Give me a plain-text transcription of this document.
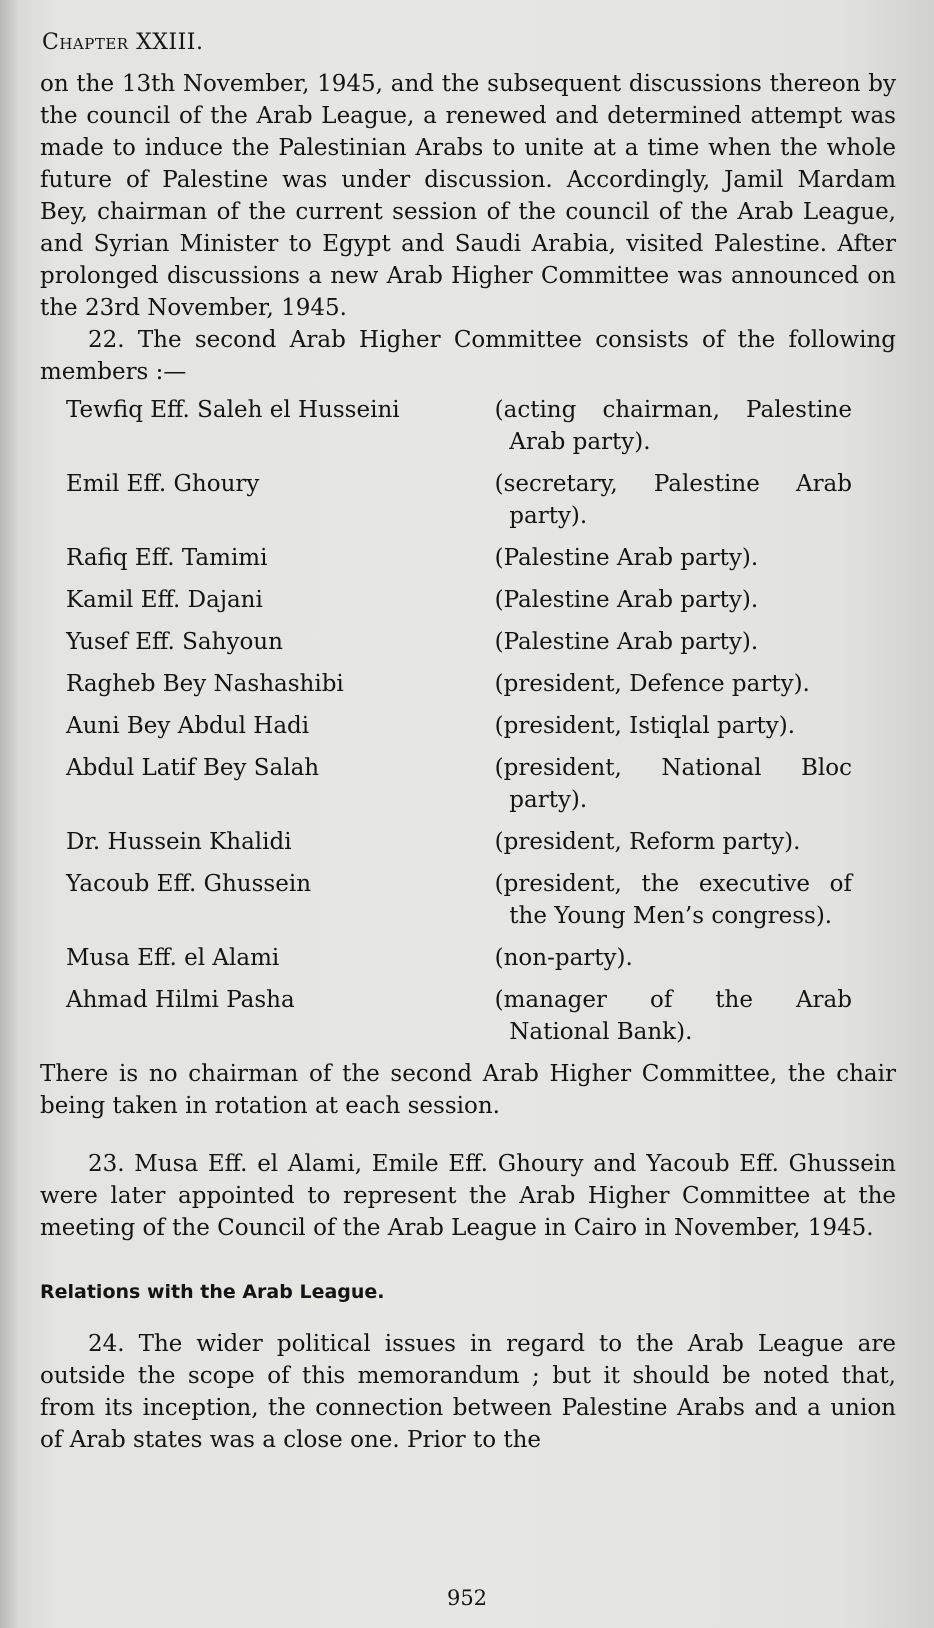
Chapter XXIII.

on the 13th November, 1945, and the subsequent discussions thereon by the council of the Arab League, a renewed and determined attempt was made to induce the Palestinian Arabs to unite at a time when the whole future of Palestine was under discussion. Accordingly, Jamil Mardam Bey, chairman of the current session of the council of the Arab League, and Syrian Minister to Egypt and Saudi Arabia, visited Palestine. After prolonged discussions a new Arab Higher Committee was announced on the 23rd November, 1945.

22. The second Arab Higher Committee consists of the following members :—

Tewfiq Eff. Saleh el Husseini	(acting chairman, Palestine Arab party).
Emil Eff. Ghoury	(secretary, Palestine Arab party).
Rafiq Eff. Tamimi	(Palestine Arab party).
Kamil Eff. Dajani	(Palestine Arab party).
Yusef Eff. Sahyoun	(Palestine Arab party).
Ragheb Bey Nashashibi	(president, Defence party).
Auni Bey Abdul Hadi	(president, Istiqlal party).
Abdul Latif Bey Salah	(president, National Bloc party).
Dr. Hussein Khalidi	(president, Reform party).
Yacoub Eff. Ghussein	(president, the executive of the Young Men’s congress).
Musa Eff. el Alami	(non-party).
Ahmad Hilmi Pasha	(manager of the Arab National Bank).

There is no chairman of the second Arab Higher Committee, the chair being taken in rotation at each session.

23. Musa Eff. el Alami, Emile Eff. Ghoury and Yacoub Eff. Ghussein were later appointed to represent the Arab Higher Committee at the meeting of the Council of the Arab League in Cairo in November, 1945.

Relations with the Arab League.

24. The wider political issues in regard to the Arab League are outside the scope of this memorandum ; but it should be noted that, from its inception, the connection between Palestine Arabs and a union of Arab states was a close one. Prior to the

952
